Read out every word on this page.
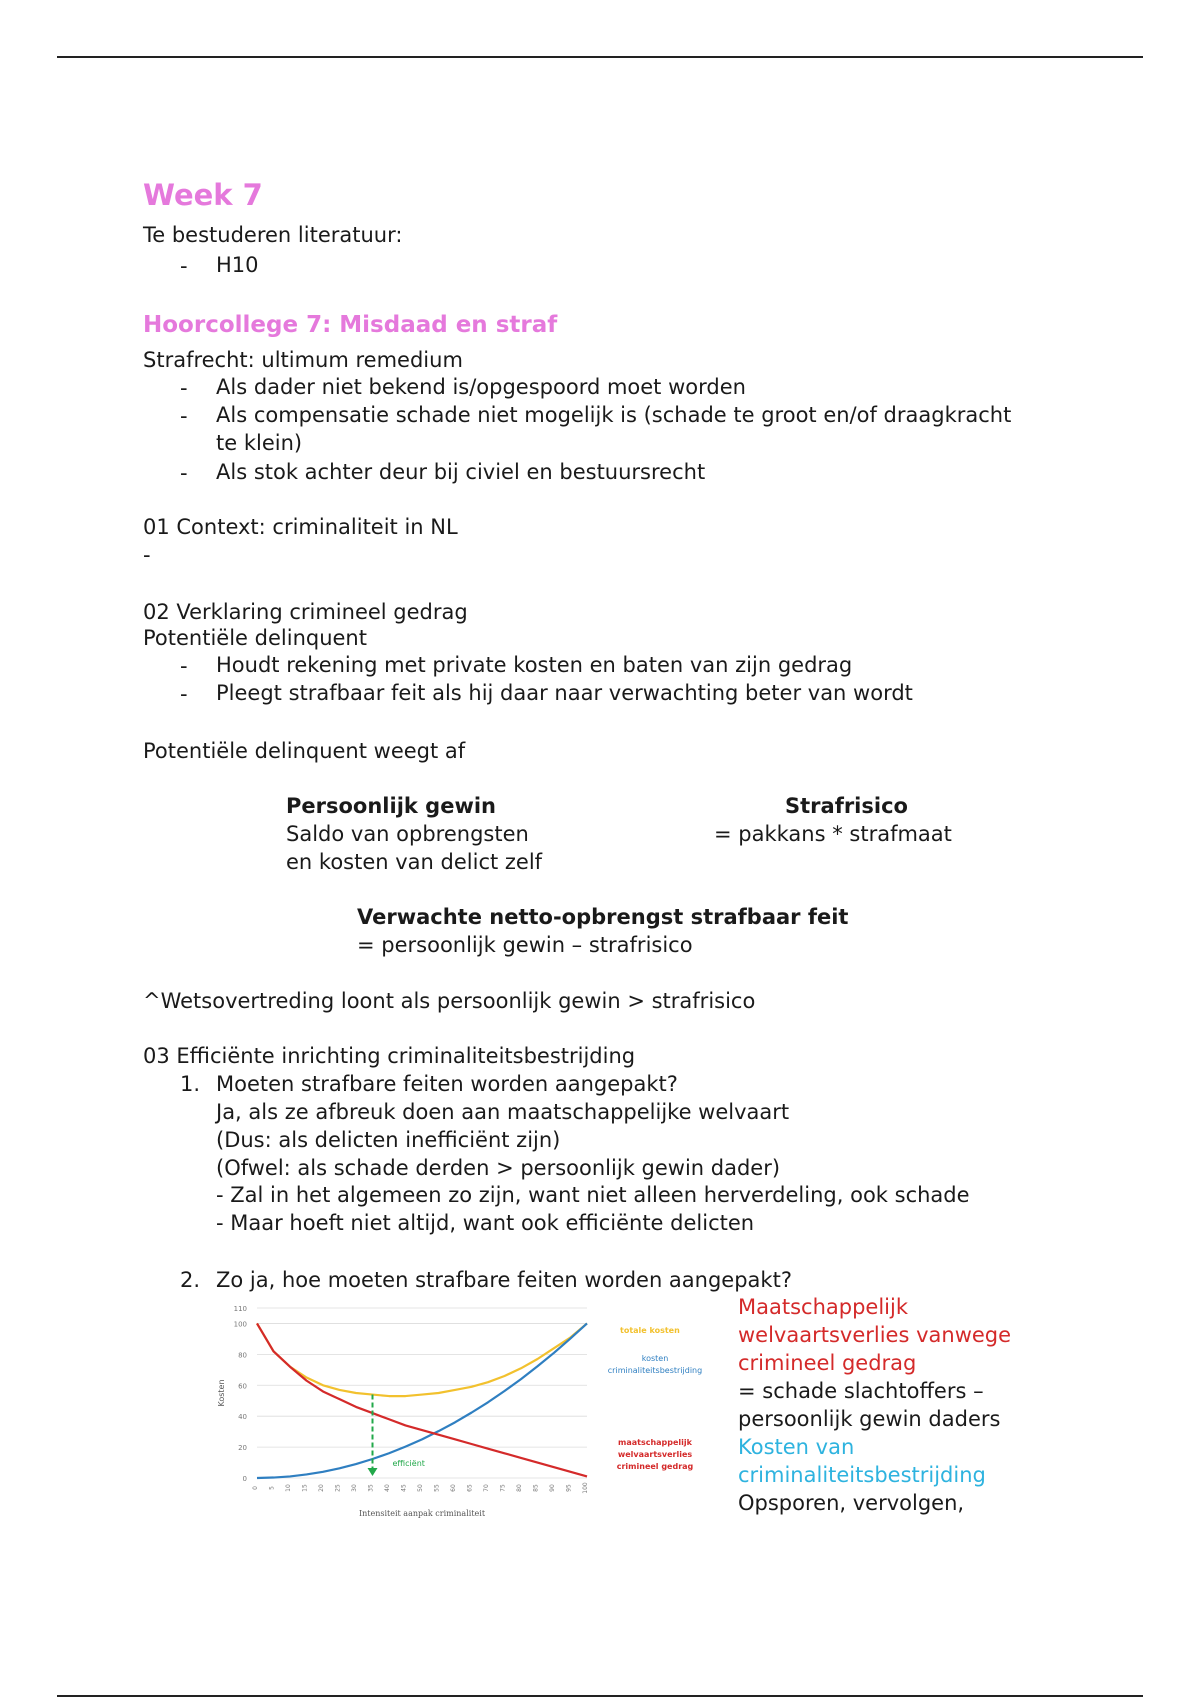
Week 7
Te bestuderen literatuur:
- H10
Hoorcollege 7: Misdaad en straf
Strafrecht: ultimum remedium
- Als dader niet bekend is/opgespoord moet worden
- Als compensatie schade niet mogelijk is (schade te groot en/of draagkracht
te klein)
- Als stok achter deur bij civiel en bestuursrecht
01 Context: criminaliteit in NL
-
02 Verklaring crimineel gedrag
Potentiële delinquent
- Houdt rekening met private kosten en baten van zijn gedrag
- Pleegt strafbaar feit als hij daar naar verwachting beter van wordt
Potentiële delinquent weegt af
Persoonlijk gewin
Saldo van opbrengsten
en kosten van delict zelf
Strafrisico
= pakkans * strafmaat
Verwachte netto-opbrengst strafbaar feit
= persoonlijk gewin – strafrisico
^Wetsovertreding loont als persoonlijk gewin > strafrisico
03 Efficiënte inrichting criminaliteitsbestrijding
1. Moeten strafbare feiten worden aangepakt?
Ja, als ze afbreuk doen aan maatschappelijke welvaart
(Dus: als delicten inefficiënt zijn)
(Ofwel: als schade derden > persoonlijk gewin dader)
- Zal in het algemeen zo zijn, want niet alleen herverdeling, ook schade
- Maar hoeft niet altijd, want ook efficiënte delicten
2. Zo ja, hoe moeten strafbare feiten worden aangepakt?
0
20
40
60
80
100
110
0 5 10 15 20 25 30 35 40 45 50 55 60 65 70 75 80 85 90 95 100
efficiënt
Kosten
Intensiteit aanpak criminaliteit
totale kosten
kosten
criminaliteitsbestrijding
maatschappelijk
welvaartsverlies
crimineel gedrag
Maatschappelijk
welvaartsverlies vanwege
crimineel gedrag
= schade slachtoffers –
persoonlijk gewin daders
Kosten van
criminaliteitsbestrijding
Opsporen, vervolgen,
